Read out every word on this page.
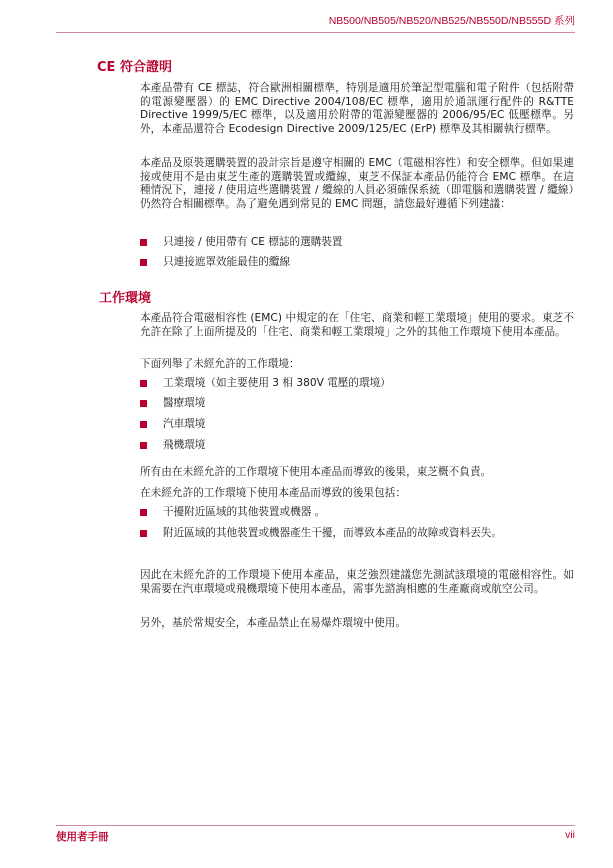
NB500/NB505/NB520/NB525/NB550D/NB555D 系列
CE 符合證明

本產品帶有 CE 標誌，符合歐洲相關標準，特別是適用於筆記型電腦和電子附件（包括附帶的電源變壓器）的 EMC Directive 2004/108/EC 標準，適用於通訊運行配件的 R&TTE Directive 1999/5/EC 標準，以及適用於附帶的電源變壓器的 2006/95/EC 低壓標準。另外，本產品還符合 Ecodesign Directive 2009/125/EC (ErP) 標準及其相關執行標準。

本產品及原裝選購裝置的設計宗旨是遵守相關的 EMC（電磁相容性）和安全標準。但如果連接或使用不是由東芝生產的選購裝置或纜線，東芝不保証本產品仍能符合 EMC 標準。在這種情況下，連接 / 使用這些選購裝置 / 纜線的人員必須確保系統（即電腦和選購裝置 / 纜線）仍然符合相關標準。為了避免遇到常見的 EMC 問題，請您最好遵循下列建議：

只連接 / 使用帶有 CE 標誌的選購裝置
只連接遮罩效能最佳的纜線
工作環境

本產品符合電磁相容性 (EMC) 中規定的在「住宅、商業和輕工業環境」使用的要求。東芝不允許在除了上面所提及的「住宅、商業和輕工業環境」之外的其他工作環境下使用本產品。

下面列舉了未經允許的工作環境：

工業環境（如主要使用 3 相 380V 電壓的環境）
醫療環境
汽車環境
飛機環境

所有由在未經允許的工作環境下使用本產品而導致的後果，東芝概不負責。

在未經允許的工作環境下使用本產品而導致的後果包括：

干擾附近區域的其他裝置或機器 。
附近區域的其他裝置或機器產生干擾，而導致本產品的故障或資料丟失。

因此在未經允許的工作環境下使用本產品，東芝強烈建議您先測試該環境的電磁相容性。如果需要在汽車環境或飛機環境下使用本產品，需事先諮詢相應的生產廠商或航空公司。

另外，基於常規安全，本產品禁止在易爆炸環境中使用。

使用者手冊	vii
